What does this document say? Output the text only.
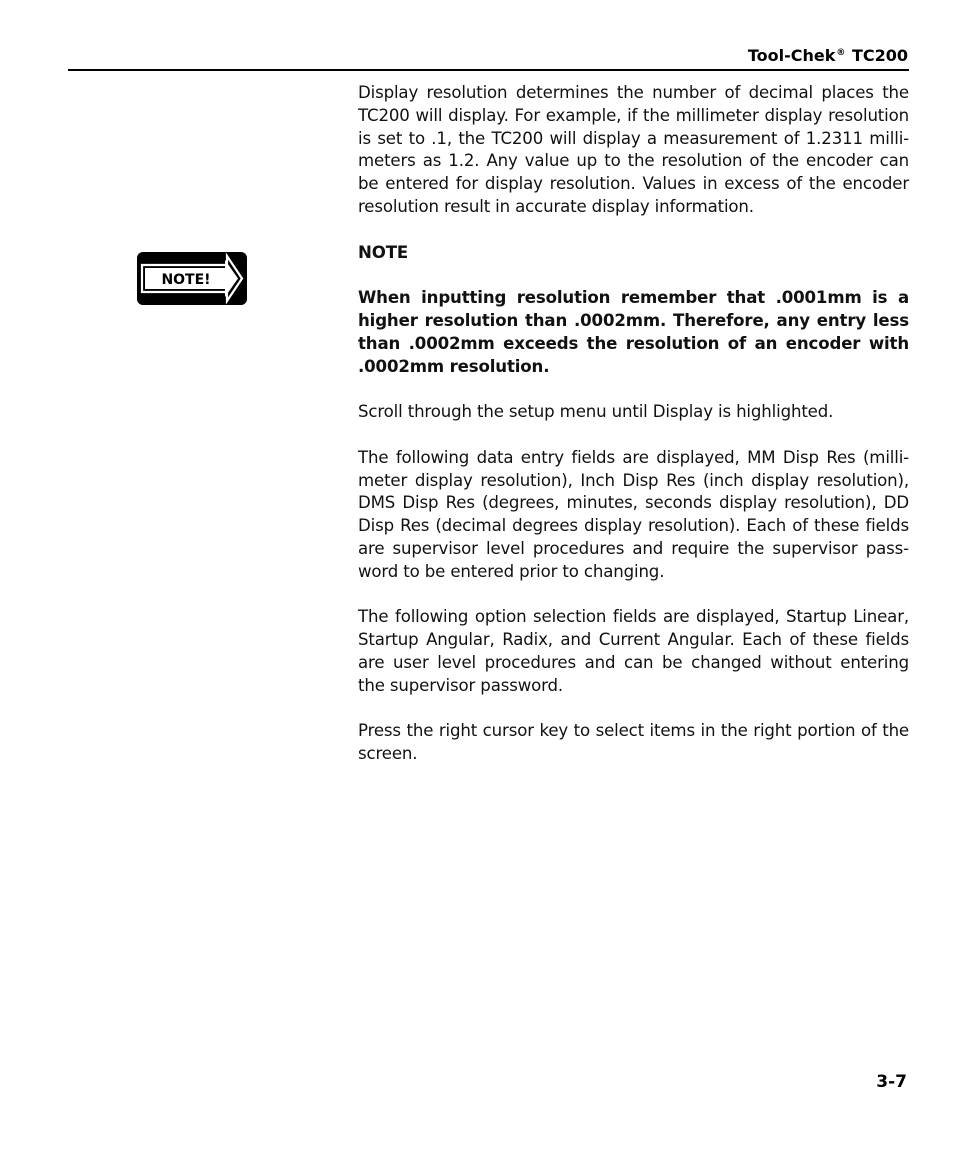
Tool-Chek® TC200
NOTE!

Display resolution determines the number of decimal places the TC200 will display. For example, if the millimeter display resolution is set to .1, the TC200 will display a measurement of 1.2311 milli-meters as 1.2. Any value up to the resolution of the encoder can be entered for display resolution. Values in excess of the encoder resolution result in accurate display information.

NOTE

When inputting resolution remember that .0001mm is a higher resolution than .0002mm. Therefore, any entry less than .0002mm exceeds the resolution of an encoder with .0002mm resolution.

Scroll through the setup menu until Display is highlighted.

The following data entry fields are displayed, MM Disp Res (milli-meter display resolution), Inch Disp Res (inch display resolution), DMS Disp Res (degrees, minutes, seconds display resolution), DD Disp Res (decimal degrees display resolution). Each of these fields are supervisor level procedures and require the supervisor pass-word to be entered prior to changing.

The following option selection fields are displayed, Startup Linear, Startup Angular, Radix, and Current Angular. Each of these fields are user level procedures and can be changed without entering the supervisor password.

Press the right cursor key to select items in the right portion of the screen.

3-7
